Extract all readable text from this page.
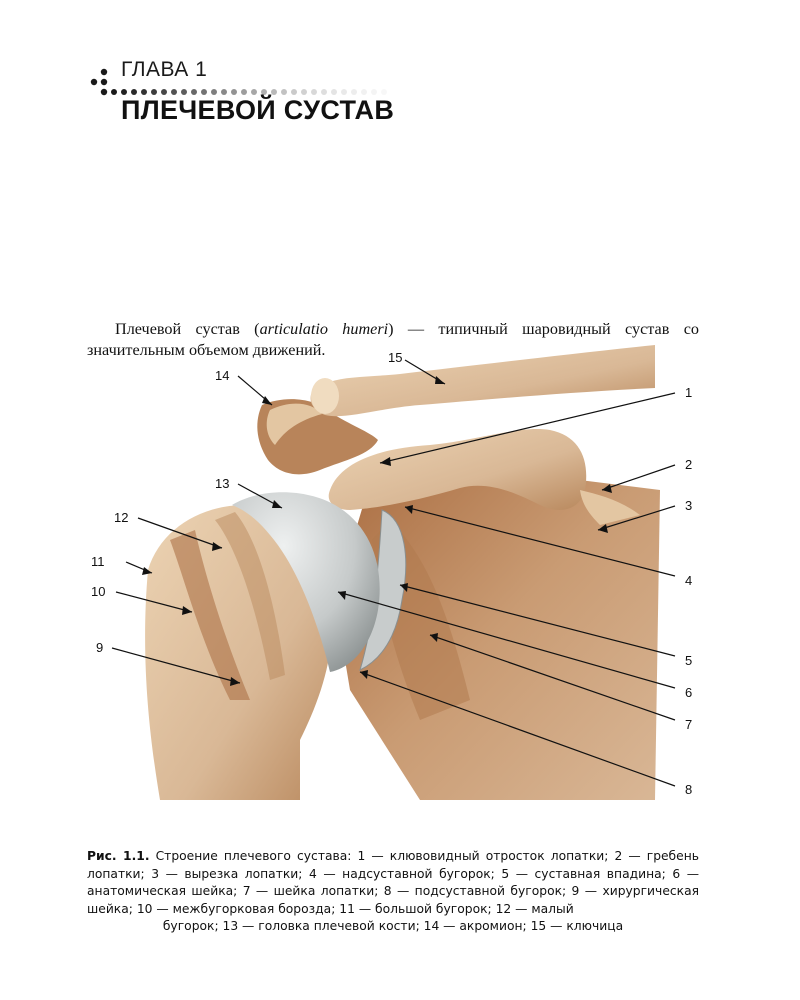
ГЛАВА 1
ПЛЕЧЕВОЙ СУСТАВ

Плечевой сустав (articulatio humeri) — типичный шаровидный сустав со значительным объемом движений.

1
2
3
4
5
6
7
8
9
10
11
12
13
14
15

Рис. 1.1. Строение плечевого сустава: 1 — клювовидный отросток лопатки; 2 — гребень лопатки; 3 — вырезка лопатки; 4 — надсуставной бугорок; 5 — суставная впадина; 6 — анатомическая шейка; 7 — шейка лопатки; 8 — подсуставной бугорок; 9 — хирургическая шейка; 10 — межбугорковая борозда; 11 — большой бугорок; 12 — малый
бугорок; 13 — головка плечевой кости; 14 — акромион; 15 — ключица
